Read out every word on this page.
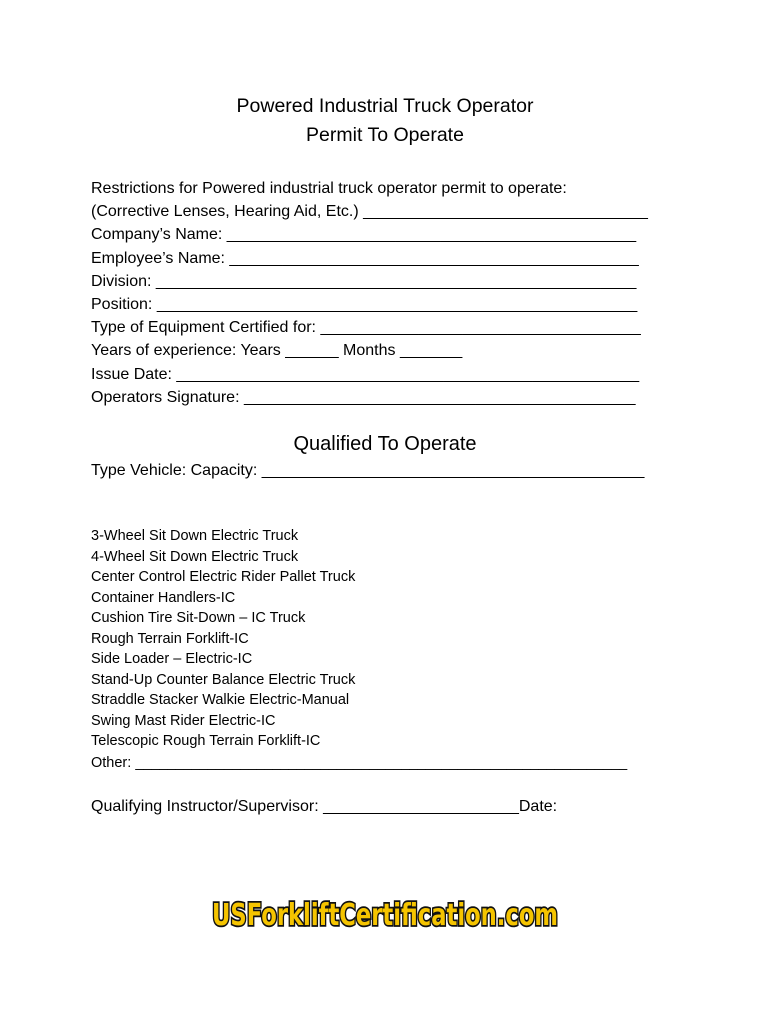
Powered Industrial Truck Operator
Permit To Operate
Restrictions for Powered industrial truck operator permit to operate:
(Corrective Lenses, Hearing Aid, Etc.) ________________________________
Company’s Name: ______________________________________________
Employee’s Name: ______________________________________________
Division: ______________________________________________________
Position: ______________________________________________________
Type of Equipment Certified for: ____________________________________
Years of experience: Years ______ Months _______
Issue Date: ____________________________________________________
Operators Signature: ____________________________________________
Qualified To Operate
Type Vehicle: Capacity: ___________________________________________
3-Wheel Sit Down Electric Truck
4-Wheel Sit Down Electric Truck
Center Control Electric Rider Pallet Truck
Container Handlers-IC
Cushion Tire Sit-Down – IC Truck
Rough Terrain Forklift-IC
Side Loader – Electric-IC
Stand-Up Counter Balance Electric Truck
Straddle Stacker Walkie Electric-Manual
Swing Mast Rider Electric-IC
Telescopic Rough Terrain Forklift-IC
Other: _____________________________________________________________
Qualifying Instructor/Supervisor: ______________________Date:
USForkliftCertification.com
